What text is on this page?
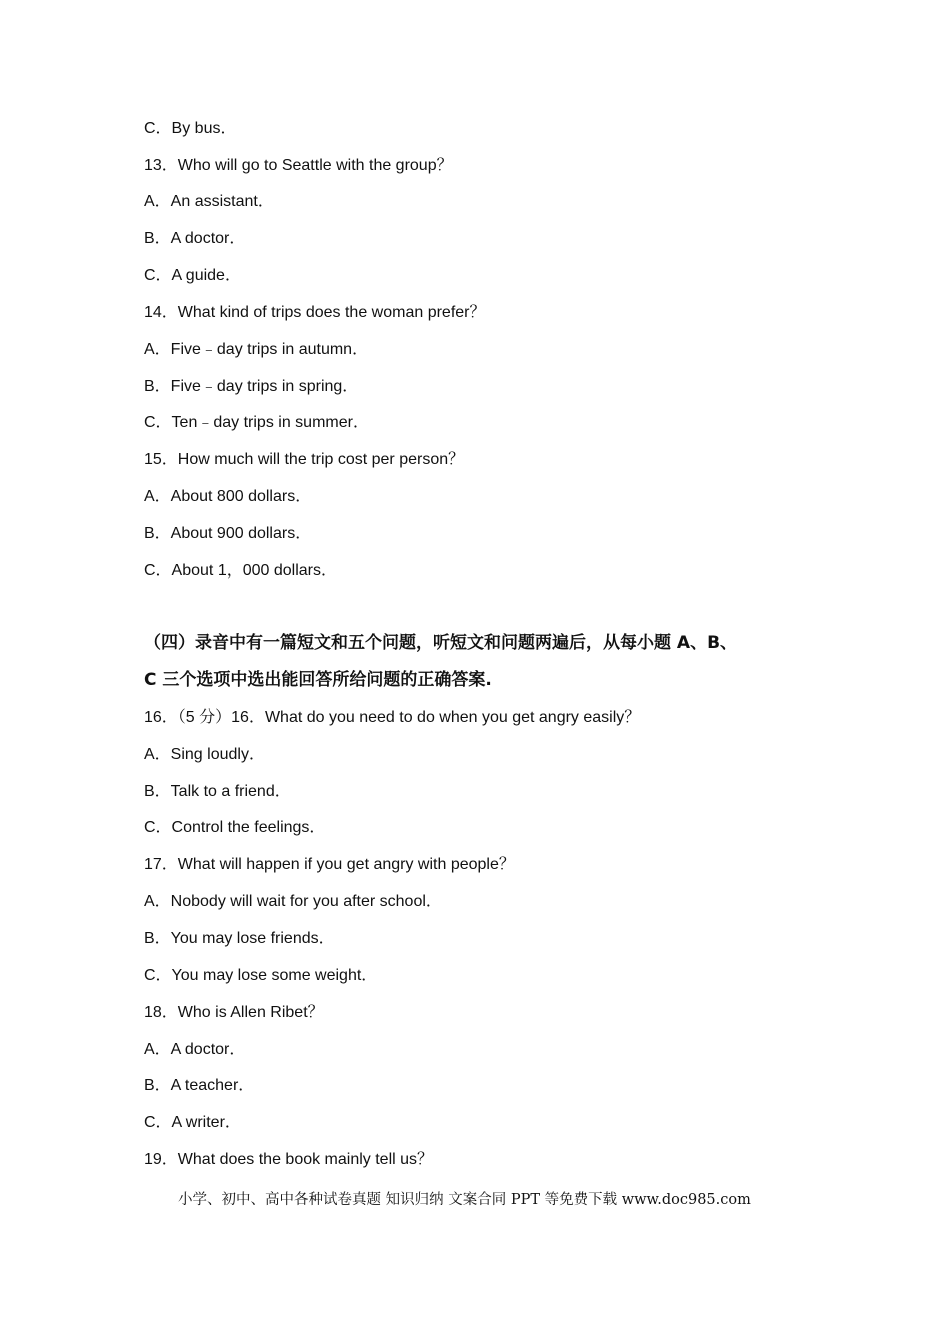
C．By bus．
13．Who will go to Seattle with the group？
A．An assistant．
B．A doctor．
C．A guide．
14．What kind of trips does the woman prefer？
A．Five﹣day trips in autumn．
B．Five﹣day trips in spring．
C．Ten﹣day trips in summer．
15．How much will the trip cost per person？
A．About 800 dollars．
B．About 900 dollars．
C．About 1，000 dollars．
（四）录音中有一篇短文和五个问题，听短文和问题两遍后，从每小题 A、B、
C 三个选项中选出能回答所给问题的正确答案.
16．（5 分）16．What do you need to do when you get angry easily？
A．Sing loudly．
B．Talk to a friend．
C．Control the feelings．
17．What will happen if you get angry with people？
A．Nobody will wait for you after school．
B．You may lose friends．
C．You may lose some weight．
18．Who is Allen Ribet？
A．A doctor．
B．A teacher．
C．A writer．
19．What does the book mainly tell us？
小学、初中、高中各种试卷真题 知识归纳 文案合同 PPT 等免费下载 www.doc985.com
